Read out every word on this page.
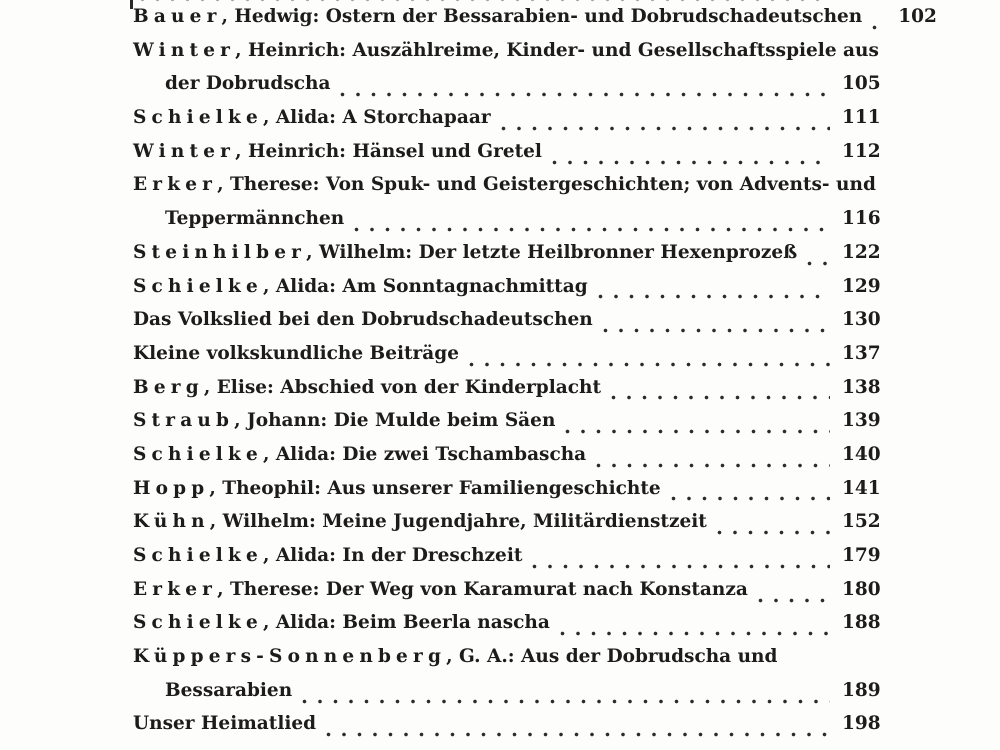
Bauer, Hedwig: Ostern der Bessarabien- und Dobrudschadeutschen 102
Winter, Heinrich: Auszählreime, Kinder- und Gesellschaftsspiele aus
der Dobrudscha	105
Schielke, Alida: A Storchapaar	111
Winter, Heinrich: Hänsel und Gretel	112
Erker, Therese: Von Spuk- und Geistergeschichten; von Advents- und
Teppermännchen	116
Steinhilber, Wilhelm: Der letzte Heilbronner Hexenprozeß 122
Schielke, Alida: Am Sonntagnachmittag	129
Das Volkslied bei den Dobrudschadeutschen	130
Kleine volkskundliche Beiträge	137
Berg, Elise: Abschied von der Kinderplacht	138
Straub, Johann: Die Mulde beim Säen	139
Schielke, Alida: Die zwei Tschambascha	140
Hopp, Theophil: Aus unserer Familiengeschichte	141
Kühn, Wilhelm: Meine Jugendjahre, Militärdienstzeit	152
Schielke, Alida: In der Dreschzeit	179
Erker, Therese: Der Weg von Karamurat nach Konstanza	180
Schielke, Alida: Beim Beerla nascha	188
Küppers-Sonnenberg, G. A.: Aus der Dobrudscha und
Bessarabien	189
Unser Heimatlied	198
